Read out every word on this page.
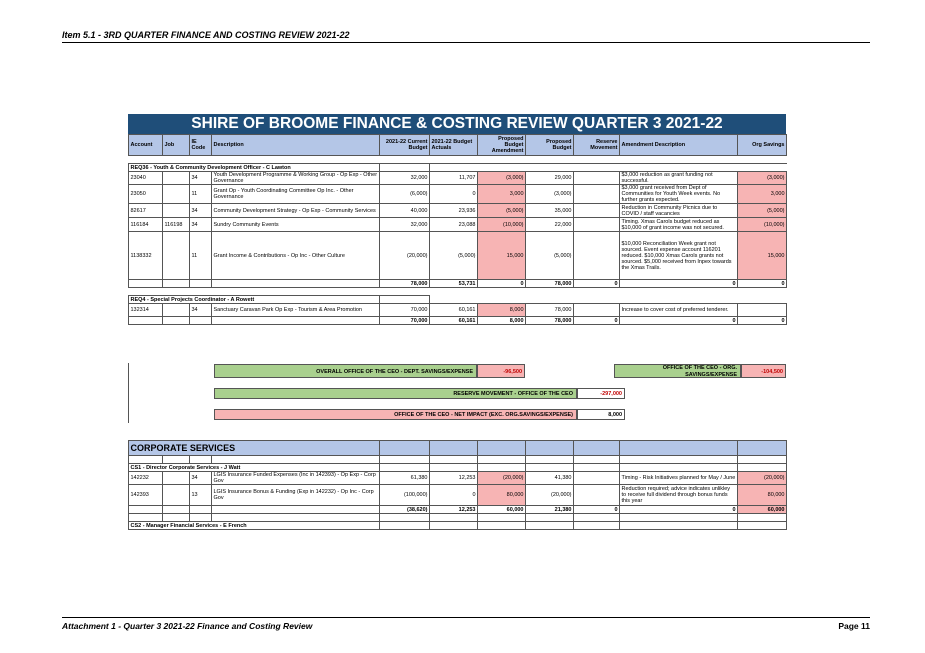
Item 5.1 - 3RD QUARTER FINANCE AND COSTING REVIEW 2021-22
SHIRE OF BROOME FINANCE & COSTING REVIEW QUARTER 3 2021-22
Account	Job	IE Code	Description	2021-22 Current Budget	2021-22 Budget Actuals	Proposed Budget Amendment	Proposed Budget	Reserve Movement	Amendment Description	Org Savings

REQ36 - Youth & Community Development Officer - C Lawton										
23040		34	Youth Development Programme & Working Group - Op Exp - Other Governance	32,000	11,707	(3,000)	29,000		$3,000 reduction as grant funding not successful.	(3,000)
23050		11	Grant Op - Youth Coordinating Committee Op Inc. - Other Governance	(6,000)	0	3,000	(3,000)		$3,000 grant received from Dept of Communities for Youth Week events. No further grants expected.	3,000
82617		34	Community Development Strategy - Op Exp - Community Services	40,000	23,936	(5,000)	35,000		Reduction in Community Picnics due to COVID / staff vacancies	(5,000)
116184	116198	34	Sundry Community Events	32,000	23,088	(10,000)	22,000		Timing. Xmas Carols budget reduced as $10,000 of grant income was not secured.	(10,000)
1138332		11	Grant Income & Contributions - Op Inc - Other Culture	(20,000)	(5,000)	15,000	(5,000)		$10,000 Reconciliation Week grant not sourced. Event expense account 116201 reduced. $10,000 Xmas Carols grants not sourced. $5,000 received from Inpex towards the Xmas Trails.	15,000
				78,000	53,731	0	78,000	0	0	0

REQ4 - Special Projects Coordinator - A Rowett										
132314		34	Sanctuary Caravan Park Op Exp - Tourism & Area Promotion	70,000	60,161	8,000	78,000		Increase to cover cost of preferred tenderer.	
				70,000	60,161	8,000	78,000	0	0	0
OVERALL OFFICE OF THE CEO - DEPT. SAVINGS/EXPENSE	-96,500
OFFICE OF THE CEO - ORG. SAVINGS/EXPENSE	-104,500
RESERVE MOVEMENT - OFFICE OF THE CEO	-297,000
OFFICE OF THE CEO - NET IMPACT (EXC. ORG.SAVINGS/EXPENSE)	8,000
CORPORATE SERVICES										

CS1 - Director Corporate Services - J Watt										
142232		34	LGIS Insurance Funded Expenses (Inc in 142393) - Op Exp - Corp Gov	61,380	12,253	(20,000)	41,380		Timing - Risk Initiatives planned for May / June	(20,000)
142393		13	LGIS Insurance Bonus & Funding (Exp in 142232) - Op Inc - Corp Gov	(100,000)	0	80,000	(20,000)		Reduction required; advice indicates unlikley to receive full dividend through bonus funds this year	80,000
				(38,620)	12,253	60,000	21,380	0	0	60,000

CS2 - Manager Financial Services - E French										
Attachment 1 - Quarter 3 2021-22 Finance and Costing Review	Page 11
